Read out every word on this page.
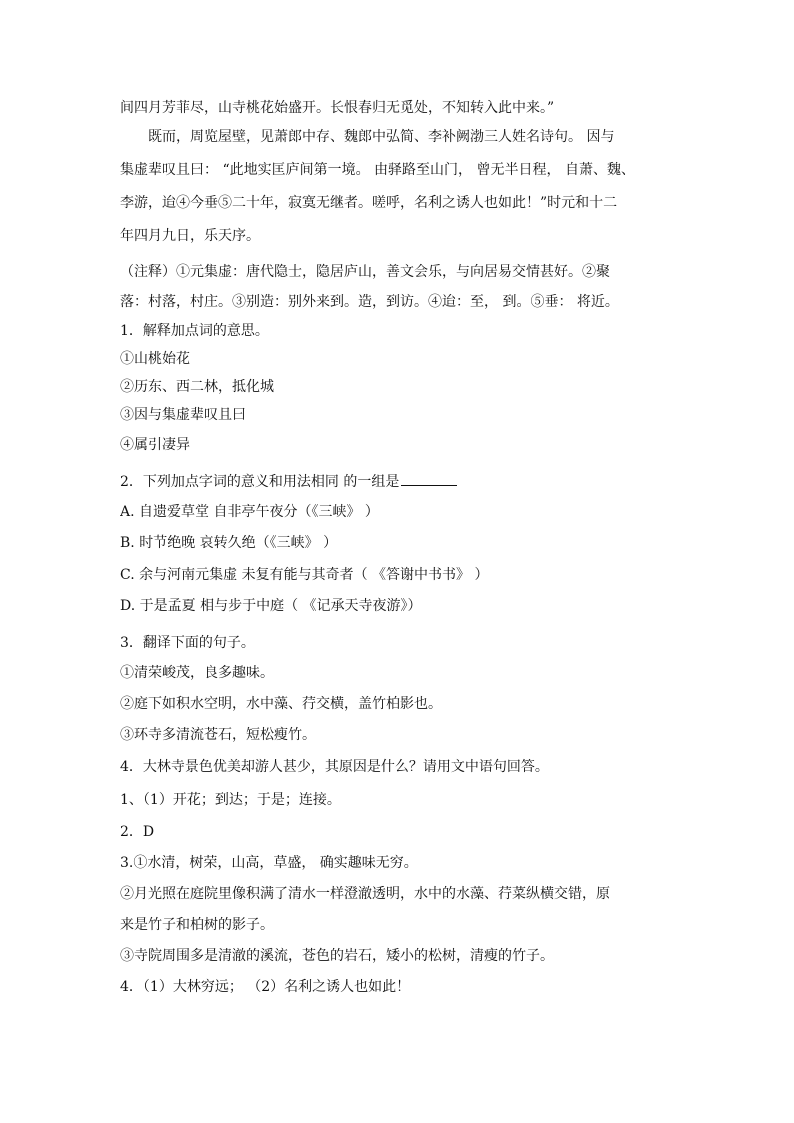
间四月芳菲尽，山寺桃花始盛开。长恨春归无觅处，不知转入此中来。”
既而，周览屋壁，见萧郎中存、魏郎中弘简、李补阙渤三人姓名诗句。 因与
集虚辈叹且曰： “此地实匡庐间第一境。 由驿路至山门， 曾无半日程， 自萧、魏、
李游，迨④今垂⑤二十年，寂寞无继者。嗟呼，名利之诱人也如此！”时元和十二
年四月九日，乐天序。
（注释）①元集虚：唐代隐士，隐居庐山，善文会乐，与向居易交情甚好。②聚
落：村落，村庄。③别造：别外来到。造，到访。④迨：至， 到。⑤垂： 将近。
1．解释加点词的意思。
①山桃始花
②历东、西二林，抵化城
③因与集虚辈叹且曰
④属引凄异
2．下列加点字词的意义和用法相同 的一组是
A. 自遗爱草堂 自非亭午夜分（《三峡》 ）
B. 时节绝晚 哀转久绝（《三峡》 ）
C. 余与河南元集虚 未复有能与其奇者（ 《答谢中书书》 ）
D. 于是孟夏 相与步于中庭（ 《记承天寺夜游》）
3．翻译下面的句子。
①清荣峻茂，良多趣味。
②庭下如积水空明，水中藻、荇交横，盖竹柏影也。
③环寺多清流苍石，短松瘦竹。
4．大林寺景色优美却游人甚少，其原因是什么？请用文中语句回答。
1、（1）开花；到达；于是；连接。
2．D
3.①水清，树荣，山高，草盛， 确实趣味无穷。
②月光照在庭院里像积满了清水一样澄澈透明，水中的水藻、荇菜纵横交错，原
来是竹子和柏树的影子。
③寺院周围多是清澈的溪流，苍色的岩石，矮小的松树，清瘦的竹子。
4．（1）大林穷远； （2）名利之诱人也如此！
